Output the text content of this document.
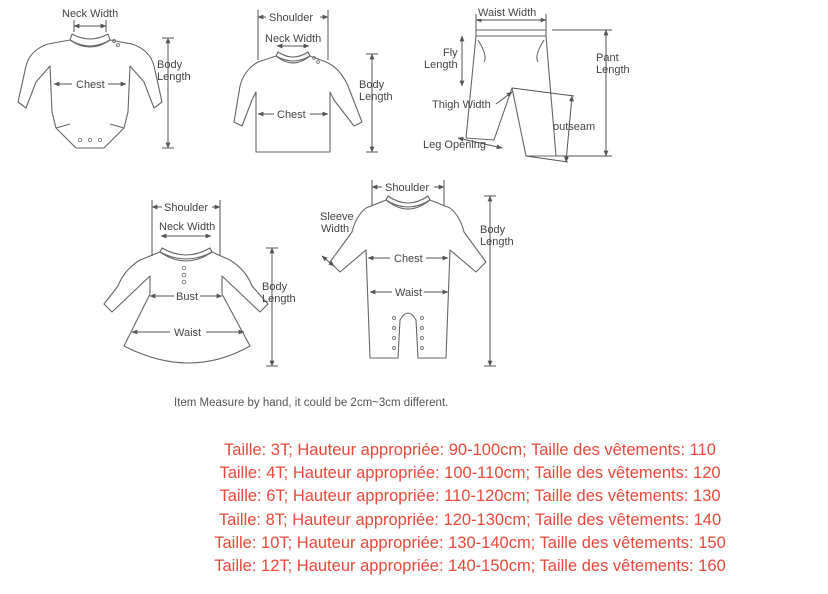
Neck Width
Chest
Body Length
Shoulder
Neck Width
Chest
Body Length
Waist Width
Fly Length
Pant Length
Thigh Width
outseam
Leg Opening
Shoulder
Neck Width
Bust
Waist
Body Length
Shoulder
Sleeve Width
Chest
Waist
Body Length

Item Measure by hand, it could be 2cm~3cm different.

Taille: 3T; Hauteur appropriée: 90-100cm; Taille des vêtements: 110
Taille: 4T; Hauteur appropriée: 100-110cm; Taille des vêtements: 120
Taille: 6T; Hauteur appropriée: 110-120cm; Taille des vêtements: 130
Taille: 8T; Hauteur appropriée: 120-130cm; Taille des vêtements: 140
Taille: 10T; Hauteur appropriée: 130-140cm; Taille des vêtements: 150
Taille: 12T; Hauteur appropriée: 140-150cm; Taille des vêtements: 160
